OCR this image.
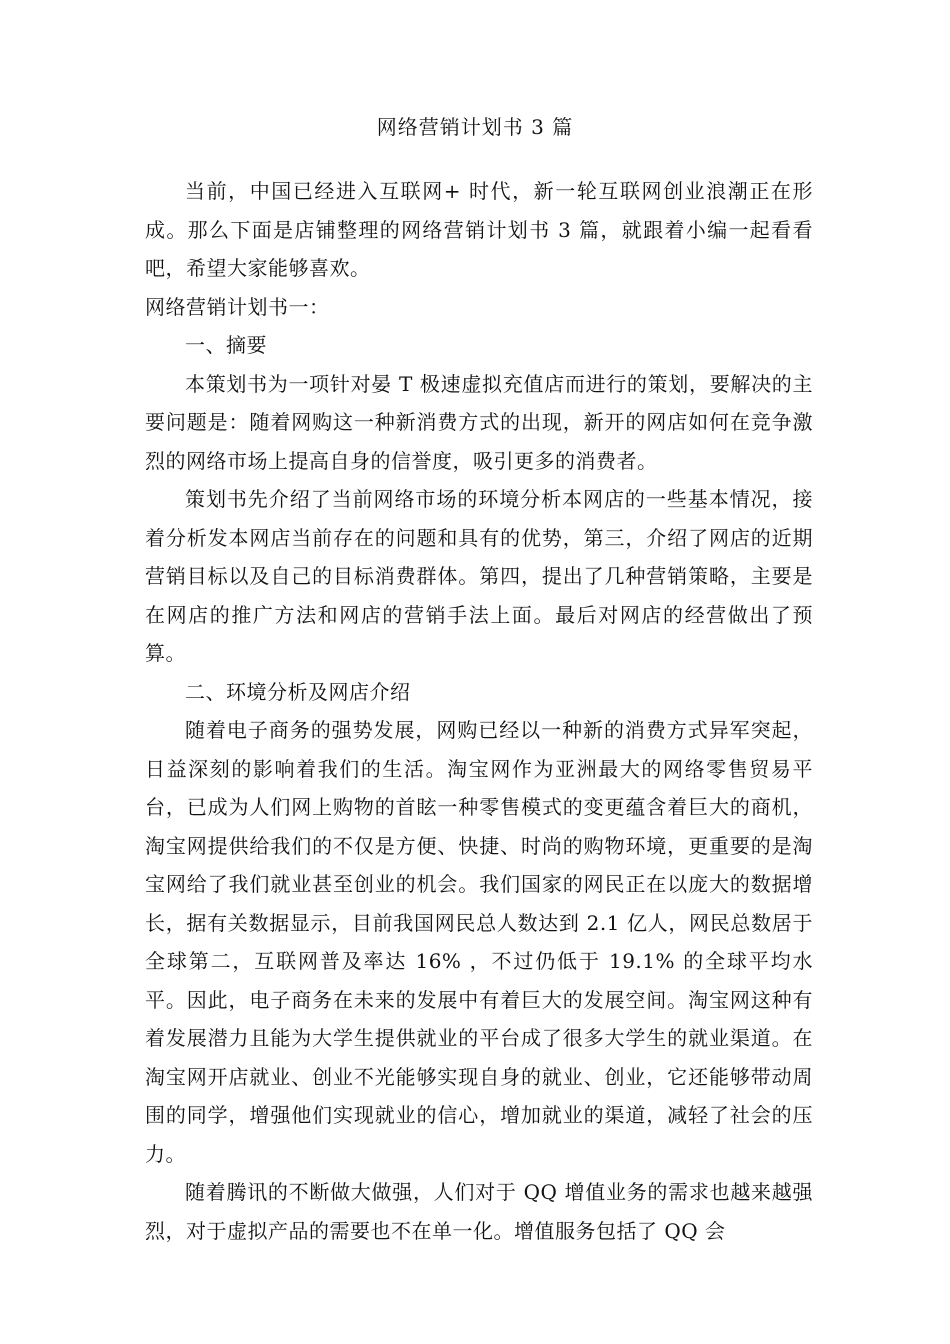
网络营销计划书 3 篇

当前，中国已经进入互联网+ 时代，新一轮互联网创业浪潮正在形成。那么下面是店铺整理的网络营销计划书 3 篇，就跟着小编一起看看吧，希望大家能够喜欢。

网络营销计划书一：

一、摘要

本策划书为一项针对晏 T 极速虚拟充值店而进行的策划，要解决的主要问题是：随着网购这一种新消费方式的出现，新开的网店如何在竞争激烈的网络市场上提高自身的信誉度，吸引更多的消费者。

策划书先介绍了当前网络市场的环境分析本网店的一些基本情况，接着分析发本网店当前存在的问题和具有的优势，第三，介绍了网店的近期营销目标以及自己的目标消费群体。第四，提出了几种营销策略，主要是在网店的推广方法和网店的营销手法上面。最后对网店的经营做出了预算。

二、环境分析及网店介绍

随着电子商务的强势发展，网购已经以一种新的消费方式异军突起，日益深刻的影响着我们的生活。淘宝网作为亚洲最大的网络零售贸易平台，已成为人们网上购物的首眩一种零售模式的变更蕴含着巨大的商机，淘宝网提供给我们的不仅是方便、快捷、时尚的购物环境，更重要的是淘宝网给了我们就业甚至创业的机会。我们国家的网民正在以庞大的数据增长，据有关数据显示，目前我国网民总人数达到 2.1 亿人，网民总数居于全球第二，互联网普及率达 16% ，不过仍低于 19.1% 的全球平均水平。因此，电子商务在未来的发展中有着巨大的发展空间。淘宝网这种有着发展潜力且能为大学生提供就业的平台成了很多大学生的就业渠道。在淘宝网开店就业、创业不光能够实现自身的就业、创业，它还能够带动周围的同学，增强他们实现就业的信心，增加就业的渠道，减轻了社会的压力。

随着腾讯的不断做大做强，人们对于 QQ 增值业务的需求也越来越强烈，对于虚拟产品的需要也不在单一化。增值服务包括了 QQ 会
